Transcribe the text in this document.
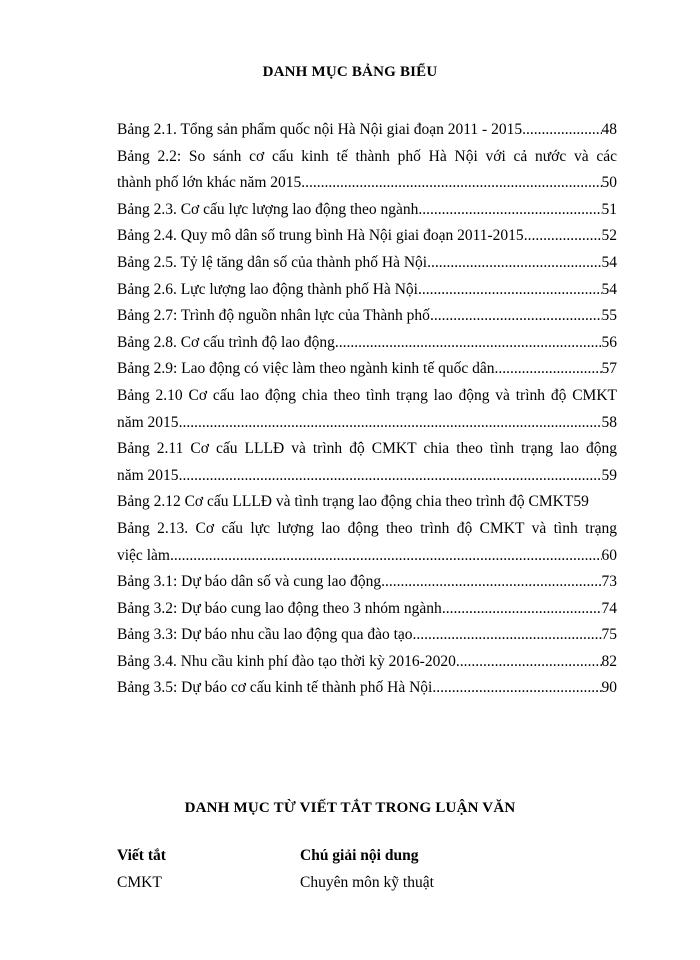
DANH MỤC BẢNG BIỂU
Bảng 2.1. Tổng sản phẩm quốc nội Hà Nội giai đoạn 2011 - 2015 .....	48
Bảng 2.2: So sánh cơ cấu kinh tế thành phố Hà Nội với cả nước và các
thành phố lớn khác năm 2015 .....	50
Bảng 2.3. Cơ cấu lực lượng lao động theo ngành .....	51
Bảng 2.4. Quy mô dân số trung bình Hà Nội giai đoạn 2011-2015 .....	52
Bảng 2.5. Tỷ lệ tăng dân số của thành phố Hà Nội .....	54
Bảng 2.6. Lực lượng lao động thành phố Hà Nội .....	54
Bảng 2.7: Trình độ nguồn nhân lực của Thành phố .....	55
Bảng 2.8. Cơ cấu trình độ lao động .....	56
Bảng 2.9: Lao động có việc làm theo ngành kinh tế quốc dân .....	57
Bảng 2.10 Cơ cấu lao động chia theo tình trạng lao động và trình độ CMKT
năm 2015 .....	58
Bảng 2.11 Cơ cấu LLLĐ và trình độ CMKT chia theo tình trạng lao động
năm 2015 .....	59
Bảng 2.12 Cơ cấu LLLĐ và tình trạng lao động chia theo trình độ CMKT 59
Bảng 2.13. Cơ cấu lực lượng lao động theo trình độ CMKT và tình trạng
việc làm .....	60
Bảng 3.1: Dự báo dân số và cung lao động .....	73
Bảng 3.2: Dự báo cung lao động theo 3 nhóm ngành .....	74
Bảng 3.3: Dự báo nhu cầu lao động qua đào tạo .....	75
Bảng 3.4. Nhu cầu kinh phí đào tạo thời kỳ 2016-2020 .....	82
Bảng 3.5: Dự báo cơ cấu kinh tế thành phố Hà Nội .....	90
DANH MỤC TỪ VIẾT TẮT TRONG LUẬN VĂN
Viết tắt	Chú giải nội dung
CMKT	Chuyên môn kỹ thuật
